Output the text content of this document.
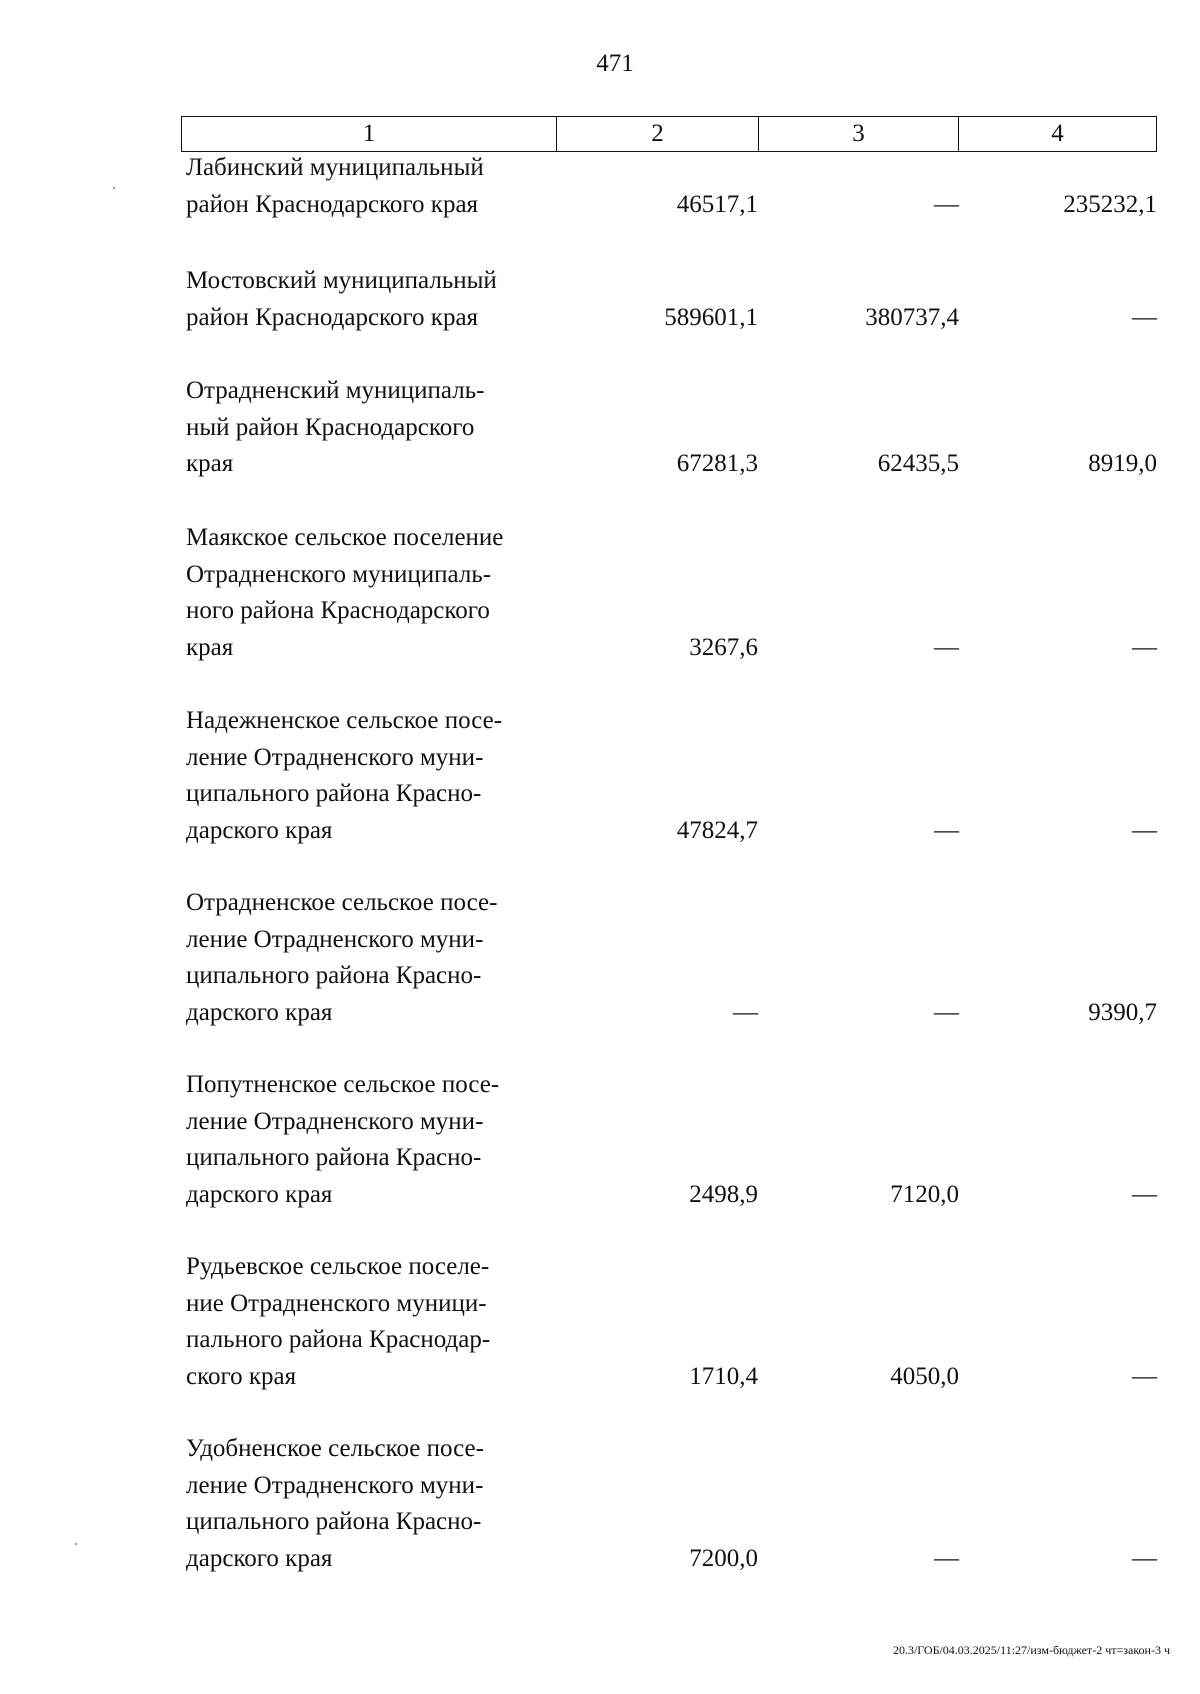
471
1	2	3	4
Лабинский муниципальный
район Краснодарского края	46517,1	—	235232,1
Мостовский муниципальный
район Краснодарского края	589601,1	380737,4	—
Отрадненский муниципаль-
ный район Краснодарского
края	67281,3	62435,5	8919,0
Маякское сельское поселение
Отрадненского муниципаль-
ного района Краснодарского
края	3267,6	—	—
Надежненское сельское посе-
ление Отрадненского муни-
ципального района Красно-
дарского края	47824,7	—	—
Отрадненское сельское посе-
ление Отрадненского муни-
ципального района Красно-
дарского края	—	—	9390,7
Попутненское сельское посе-
ление Отрадненского муни-
ципального района Красно-
дарского края	2498,9	7120,0	—
Рудьевское сельское поселе-
ние Отрадненского муници-
пального района Краснодар-
ского края	1710,4	4050,0	—
Удобненское сельское посе-
ление Отрадненского муни-
ципального района Красно-
дарского края	7200,0	—	—
20.3/ГОБ/04.03.2025/11:27/изм-бюджет-2 чт=закон-3 ч
